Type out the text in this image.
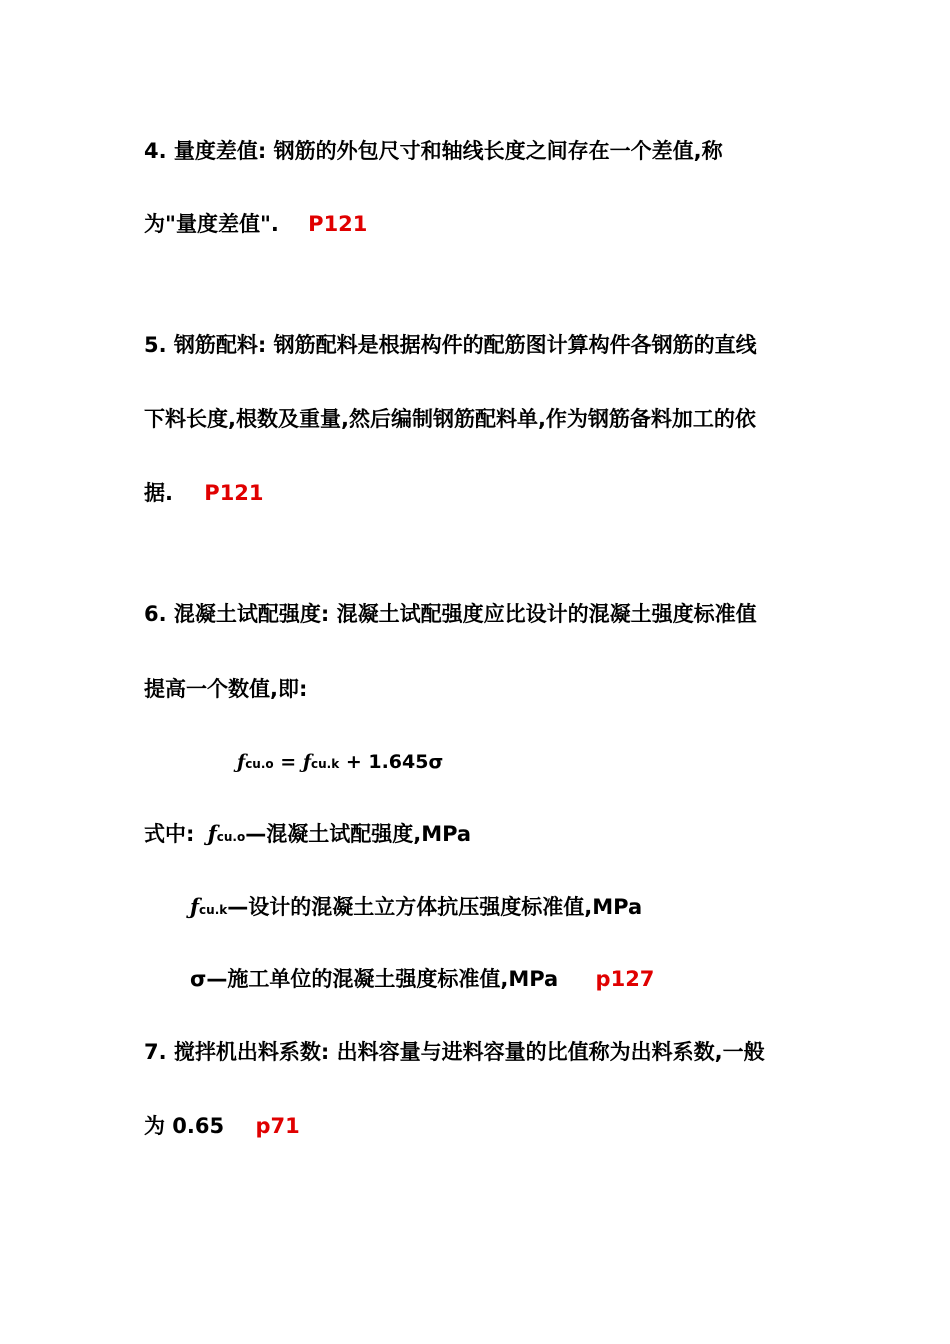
4. 量度差值: 钢筋的外包尺寸和轴线长度之间存在一个差值,称
为"量度差值". P121
5. 钢筋配料: 钢筋配料是根据构件的配筋图计算构件各钢筋的直线
下料长度,根数及重量,然后编制钢筋配料单,作为钢筋备料加工的依
据. P121
6. 混凝土试配强度: 混凝土试配强度应比设计的混凝土强度标准值
提高一个数值,即:
ƒcu.o = ƒcu.k + 1.645σ
式中: ƒcu.o—混凝土试配强度,MPa
ƒcu.k—设计的混凝土立方体抗压强度标准值,MPa
σ—施工单位的混凝土强度标准值,MPa p127
7. 搅拌机出料系数: 出料容量与进料容量的比值称为出料系数,一般
为 0.65 p71
